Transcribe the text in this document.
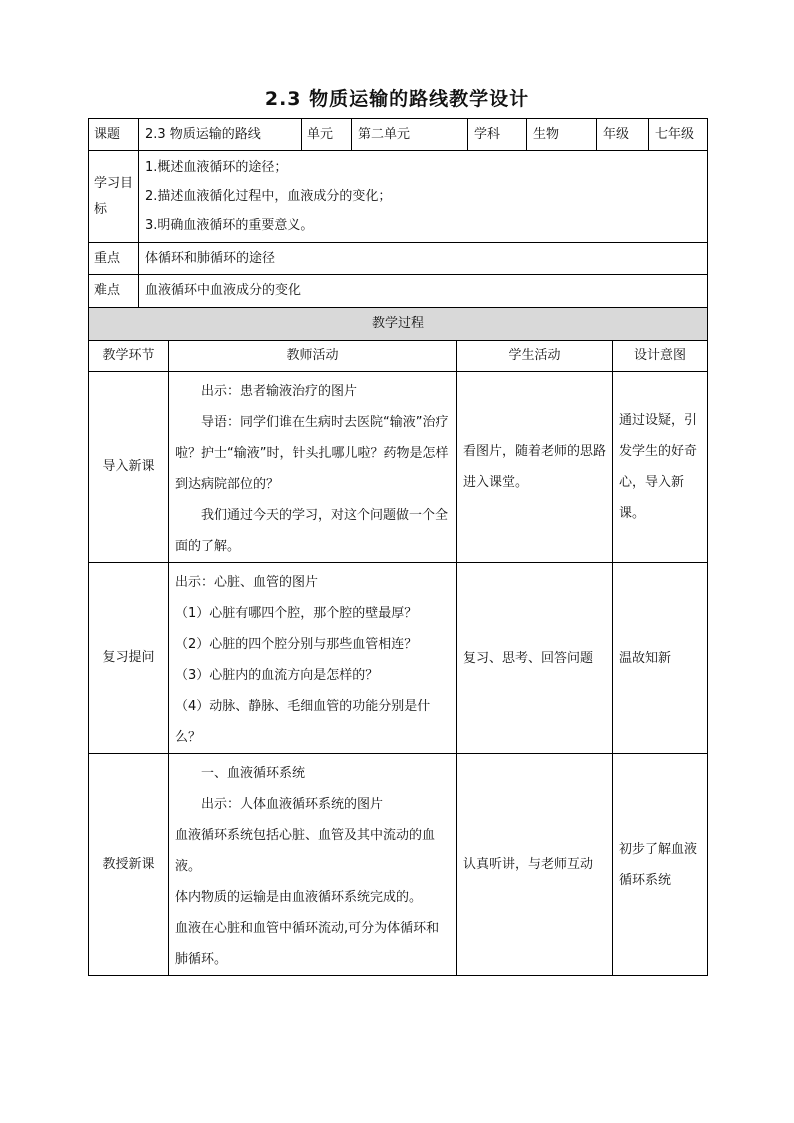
2.3 物质运输的路线教学设计
课题	2.3 物质运输的路线	单元	第二单元	学科	生物	年级	七年级
学习目标	1.概述血液循环的途径；

2.描述血液循化过程中，血液成分的变化；

3.明确血液循环的重要意义。						

重点	体循环和肺循环的途径						
难点	血液循环中血液成分的变化						
教学过程			
教学环节	教师活动	学生活动	设计意图
导入新课	出示：患者输液治疗的图片

导语：同学们谁在生病时去医院“输液”治疗啦？护士“输液”时，针头扎哪儿啦？药物是怎样到达病院部位的？

我们通过今天的学习，对这个问题做一个全面的了解。	看图片，随着老师的思路进入课堂。	通过设疑，引发学生的好奇心，导入新课。
复习提问	出示：心脏、血管的图片

（1）心脏有哪四个腔，那个腔的壁最厚？

（2）心脏的四个腔分别与那些血管相连？

（3）心脏内的血流方向是怎样的？

（4）动脉、静脉、毛细血管的功能分别是什么？	复习、思考、回答问题	温故知新
教授新课	一、血液循环系统

出示：人体血液循环系统的图片

血液循环系统包括心脏、血管及其中流动的血液。

体内物质的运输是由血液循环系统完成的。

血液在心脏和血管中循环流动,可分为体循环和肺循环。	认真听讲，与老师互动	初步了解血液循环系统
